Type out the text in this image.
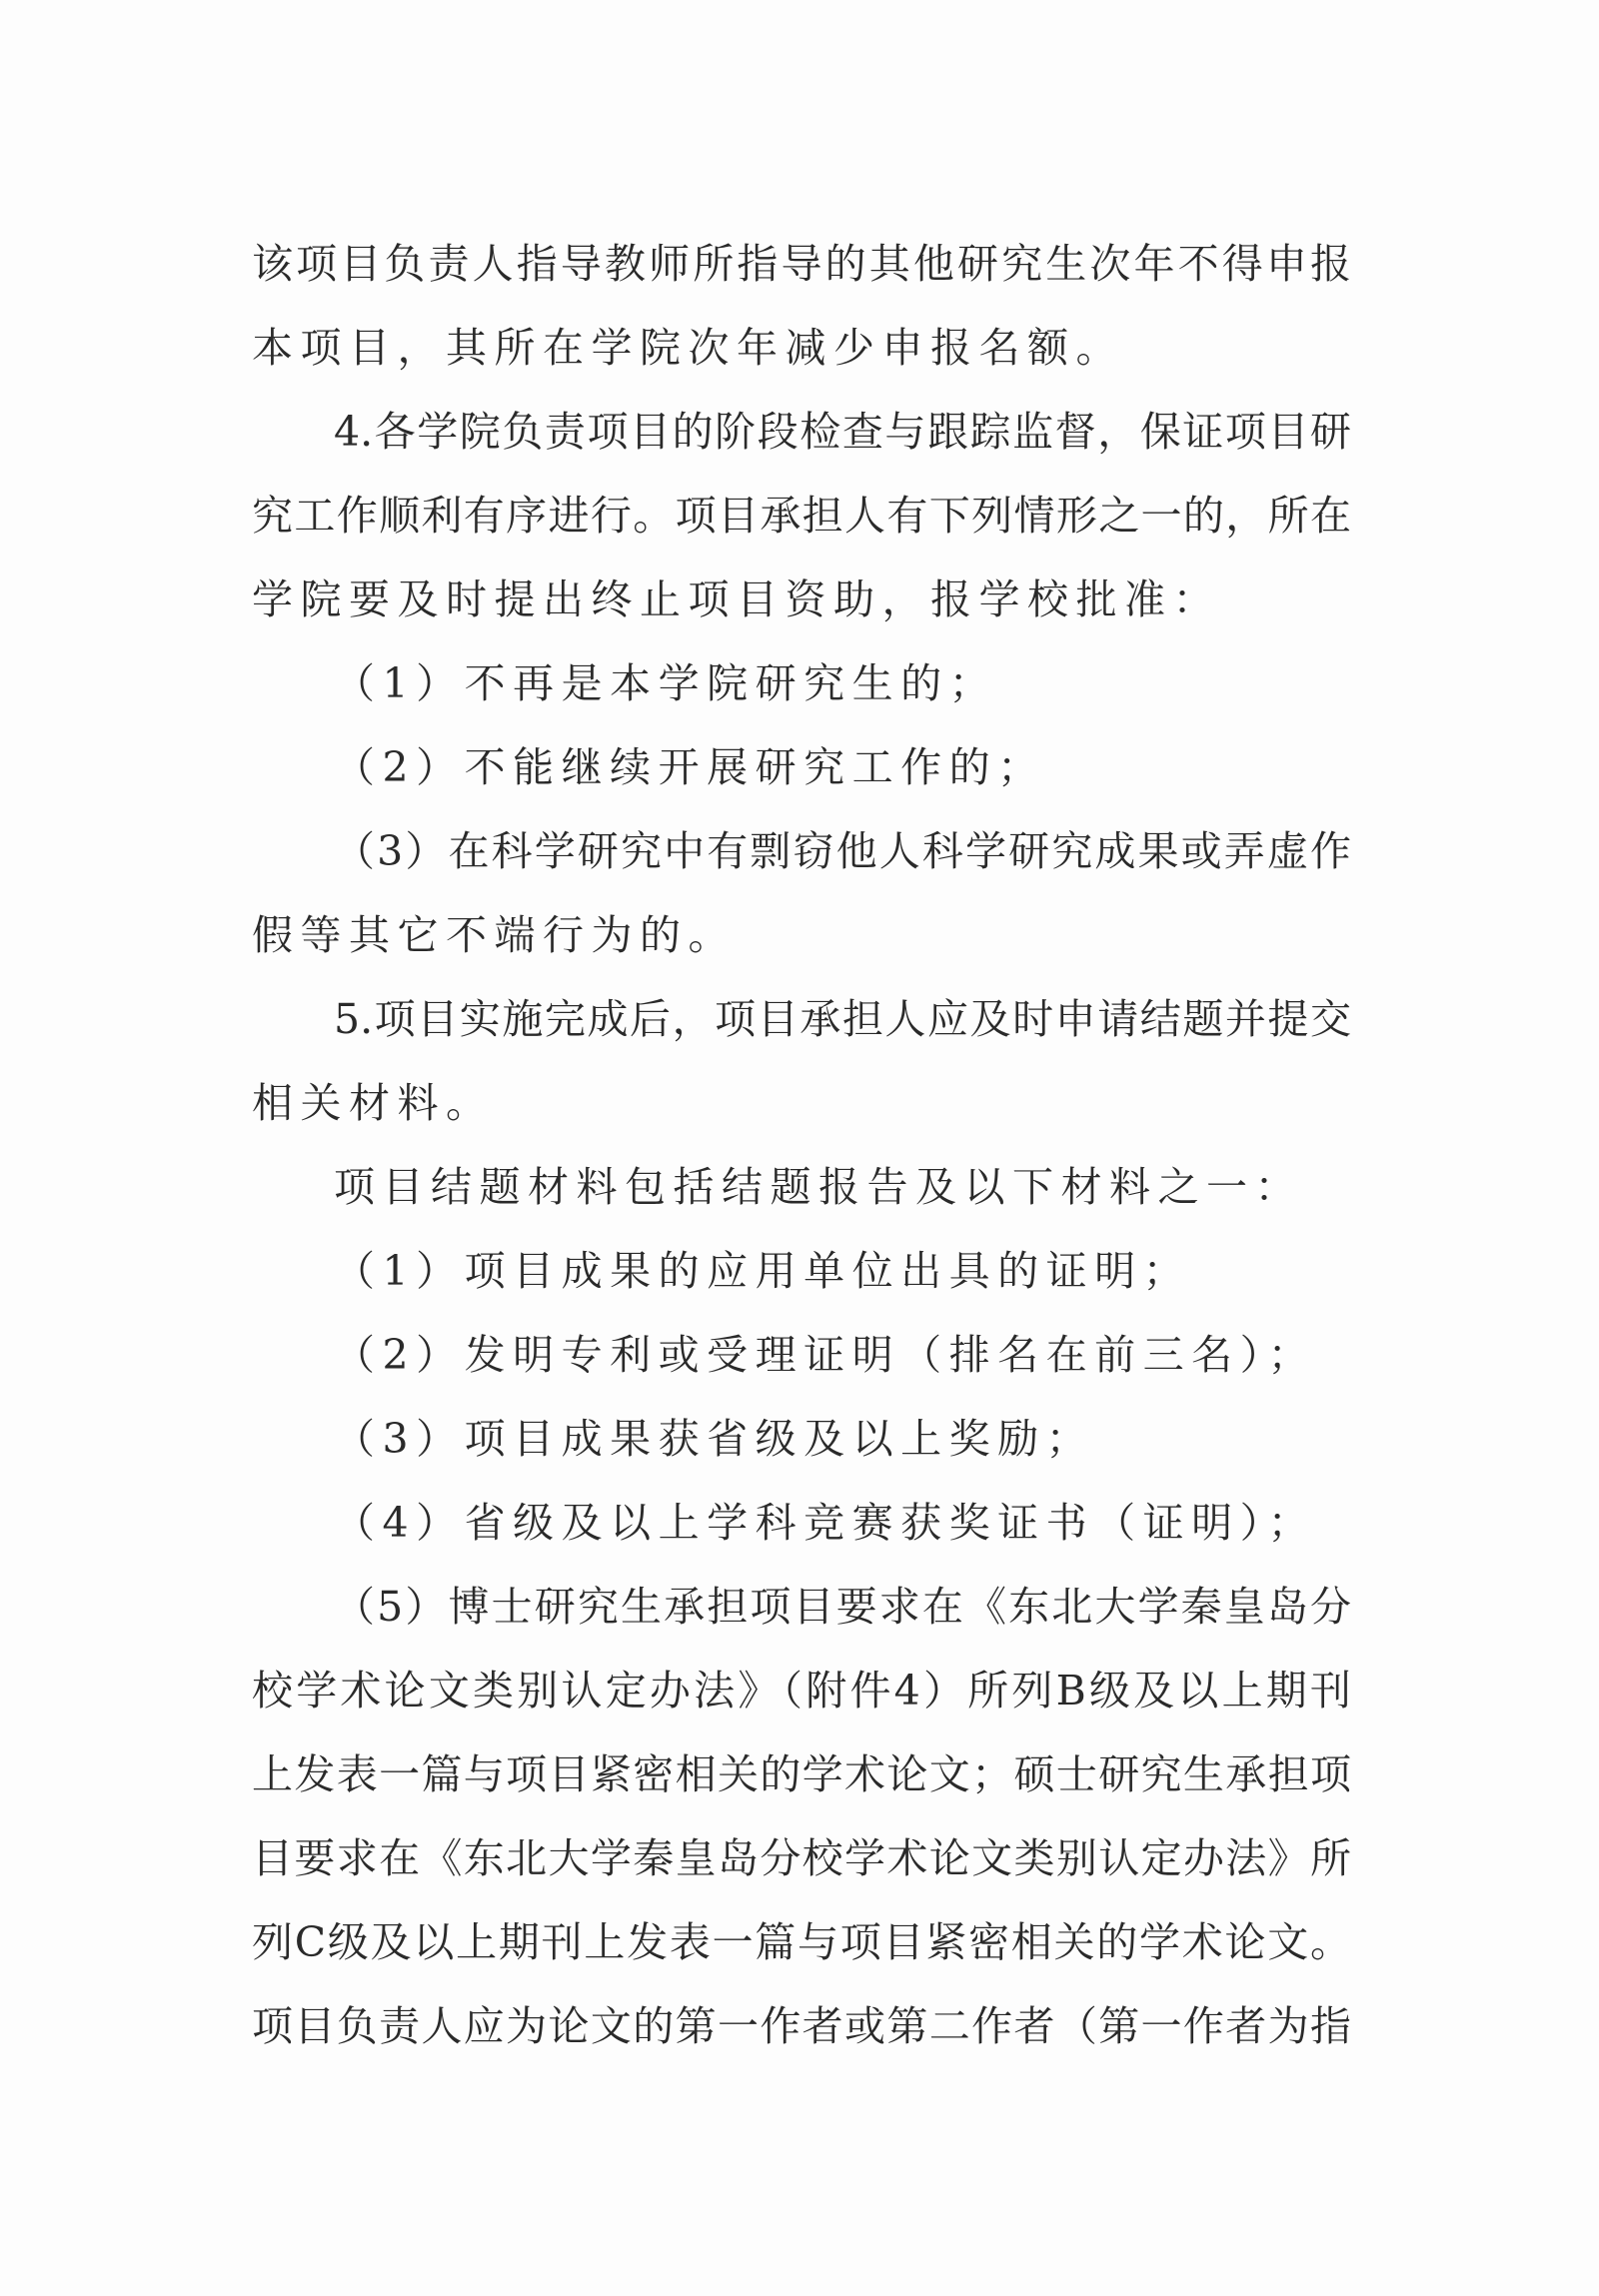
该项目负责人指导教师所指导的其他研究生次年不得申报
本项目，其所在学院次年减少申报名额。
4.各学院负责项目的阶段检查与跟踪监督，保证项目研
究工作顺利有序进行。项目承担人有下列情形之一的，所在
学院要及时提出终止项目资助，报学校批准：
（1）不再是本学院研究生的；
（2）不能继续开展研究工作的；
（3）在科学研究中有剽窃他人科学研究成果或弄虚作
假等其它不端行为的。
5.项目实施完成后，项目承担人应及时申请结题并提交
相关材料。
项目结题材料包括结题报告及以下材料之一：
（1）项目成果的应用单位出具的证明；
（2）发明专利或受理证明（排名在前三名）；
（3）项目成果获省级及以上奖励；
（4）省级及以上学科竞赛获奖证书（证明）；
（5）博士研究生承担项目要求在《东北大学秦皇岛分
校学术论文类别认定办法》（附件4）所列B级及以上期刊
上发表一篇与项目紧密相关的学术论文；硕士研究生承担项
目要求在《东北大学秦皇岛分校学术论文类别认定办法》所
列C级及以上期刊上发表一篇与项目紧密相关的学术论文。
项目负责人应为论文的第一作者或第二作者（第一作者为指
